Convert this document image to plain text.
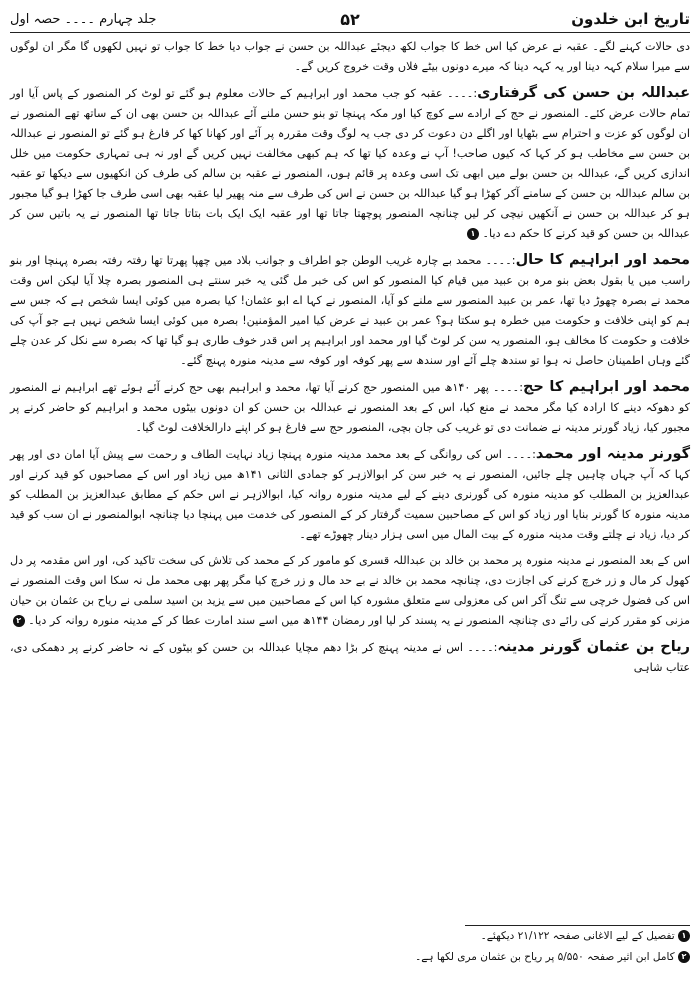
تاریخ ابن خلدون
۵۲
جلد چہارم ۔۔۔۔ حصہ اول

دی حالات کہنے لگے۔ عقبہ نے عرض کیا اس خط کا جواب لکھ دیجئے عبداللہ بن حسن نے جواب دیا خط کا جواب تو نہیں لکھوں گا مگر ان لوگوں سے میرا سلام کہہ دینا اور یہ کہہ دینا کہ میرے دونوں بیٹے فلاں وقت خروج کریں گے۔

عبداللہ بن حسن کی گرفتاری:۔۔۔۔ عقبہ کو جب محمد اور ابراہیم کے حالات معلوم ہو گئے تو لوٹ کر المنصور کے پاس آیا اور تمام حالات عرض کئے۔ المنصور نے حج کے ارادے سے کوچ کیا اور مکہ پہنچا تو بنو حسن ملنے آئے عبداللہ بن حسن بھی ان کے ساتھ تھے المنصور نے ان لوگوں کو عزت و احترام سے بٹھایا اور اگلے دن دعوت کر دی جب یہ لوگ وقت مقررہ پر آئے اور کھانا کھا کر فارغ ہو گئے تو المنصور نے عبداللہ بن حسن سے مخاطب ہو کر کہا کہ کیوں صاحب! آپ نے وعدہ کیا تھا کہ ہم کبھی مخالفت نہیں کریں گے اور نہ ہی تمہاری حکومت میں خلل اندازی کریں گے، عبداللہ بن حسن بولے میں ابھی تک اسی وعدہ پر قائم ہوں، المنصور نے عقبہ بن سالم کی طرف کن انکھیوں سے دیکھا تو عقبہ بن سالم عبداللہ بن حسن کے سامنے آکر کھڑا ہو گیا عبداللہ بن حسن نے اس کی طرف سے منہ پھیر لیا عقبہ بھی اسی طرف جا کھڑا ہو گیا مجبور ہو کر عبداللہ بن حسن نے آنکھیں نیچی کر لیں چنانچہ المنصور پوچھتا جاتا تھا اور عقبہ ایک ایک بات بتاتا جاتا تھا المنصور نے یہ باتیں سن کر عبداللہ بن حسن کو قید کرنے کا حکم دے دیا۔ ۱

محمد اور ابراہیم کا حال:۔۔۔۔ محمد بے چارہ غریب الوطن جو اطراف و جوانب بلاد میں چھپا پھرتا تھا رفتہ رفتہ بصرہ پہنچا اور بنو راسب میں یا بقول بعض بنو مرہ بن عبید میں قیام کیا المنصور کو اس کی خبر مل گئی یہ خبر سنتے ہی المنصور بصرہ چلا آیا لیکن اس وقت محمد نے بصرہ چھوڑ دیا تھا، عمر بن عبید المنصور سے ملنے کو آیا، المنصور نے کہا اے ابو عثمان! کیا بصرہ میں کوئی ایسا شخص ہے کہ جس سے ہم کو اپنی خلافت و حکومت میں خطرہ ہو سکتا ہو؟ عمر بن عبید نے عرض کیا امیر المؤمنین! بصرہ میں کوئی ایسا شخص نہیں ہے جو آپ کی خلافت و حکومت کا مخالف ہو، المنصور یہ سن کر لوٹ گیا اور محمد اور ابراہیم پر اس قدر خوف طاری ہو گیا تھا کہ بصرہ سے نکل کر عدن چلے گئے وہاں اطمینان حاصل نہ ہوا تو سندھ چلے آئے اور سندھ سے پھر کوفہ اور کوفہ سے مدینہ منورہ پہنچ گئے۔

محمد اور ابراہیم کا حج:۔۔۔۔ پھر ۱۴۰ھ میں المنصور حج کرنے آیا تھا، محمد و ابراہیم بھی حج کرنے آئے ہوئے تھے ابراہیم نے المنصور کو دھوکہ دینے کا ارادہ کیا مگر محمد نے منع کیا، اس کے بعد المنصور نے عبداللہ بن حسن کو ان دونوں بیٹوں محمد و ابراہیم کو حاضر کرنے پر مجبور کیا، زیاد گورنر مدینہ نے ضمانت دی تو غریب کی جان بچی، المنصور حج سے فارغ ہو کر اپنے دارالخلافت لوٹ گیا۔

گورنر مدینہ اور محمد:۔۔۔۔ اس کی روانگی کے بعد محمد مدینہ منورہ پہنچا زیاد نہایت الطاف و رحمت سے پیش آیا امان دی اور پھر کہا کہ آپ جہاں چاہیں چلے جائیں، المنصور نے یہ خبر سن کر ابوالازہر کو جمادی الثانی ۱۴۱ھ میں زیاد اور اس کے مصاحبوں کو قید کرنے اور عبدالعزیز بن المطلب کو مدینہ منورہ کی گورنری دینے کے لیے مدینہ منورہ روانہ کیا، ابوالازہر نے اس حکم کے مطابق عبدالعزیز بن المطلب کو مدینہ منورہ کا گورنر بنایا اور زیاد کو اس کے مصاحبین سمیت گرفتار کر کے المنصور کی خدمت میں پہنچا دیا چنانچہ ابوالمنصور نے ان سب کو قید کر دیا، زیاد نے چلتے وقت مدینہ منورہ کے بیت المال میں اسی ہزار دینار چھوڑے تھے۔

اس کے بعد المنصور نے مدینہ منورہ پر محمد بن خالد بن عبداللہ قسری کو مامور کر کے محمد کی تلاش کی سخت تاکید کی، اور اس مقدمہ پر دل کھول کر مال و زر خرچ کرنے کی اجازت دی، چنانچہ محمد بن خالد نے بے حد مال و زر خرچ کیا مگر پھر بھی محمد مل نہ سکا اس وقت المنصور نے اس کی فضول خرچی سے تنگ آکر اس کی معزولی سے متعلق مشورہ کیا اس کے مصاحبین میں سے یزید بن اسید سلمی نے ریاح بن عثمان بن حیان مزنی کو مقرر کرنے کی رائے دی چنانچہ المنصور نے یہ پسند کر لیا اور رمضان ۱۴۴ھ میں اسے سند امارت عطا کر کے مدینہ منورہ روانہ کر دیا۔ ۲

ریاح بن عثمان گورنر مدینہ:۔۔۔۔ اس نے مدینہ پہنچ کر بڑا دھم مچایا عبداللہ بن حسن کو بیٹوں کے نہ حاضر کرنے پر دھمکی دی، عتاب شاہی

۱ تفصیل کے لیے الاغانی صفحہ ۲۱/۱۲۲ دیکھئے۔

۲ کامل ابن اثیر صفحہ ۵/۵۵۰ پر ریاح بن عثمان مری لکھا ہے۔
